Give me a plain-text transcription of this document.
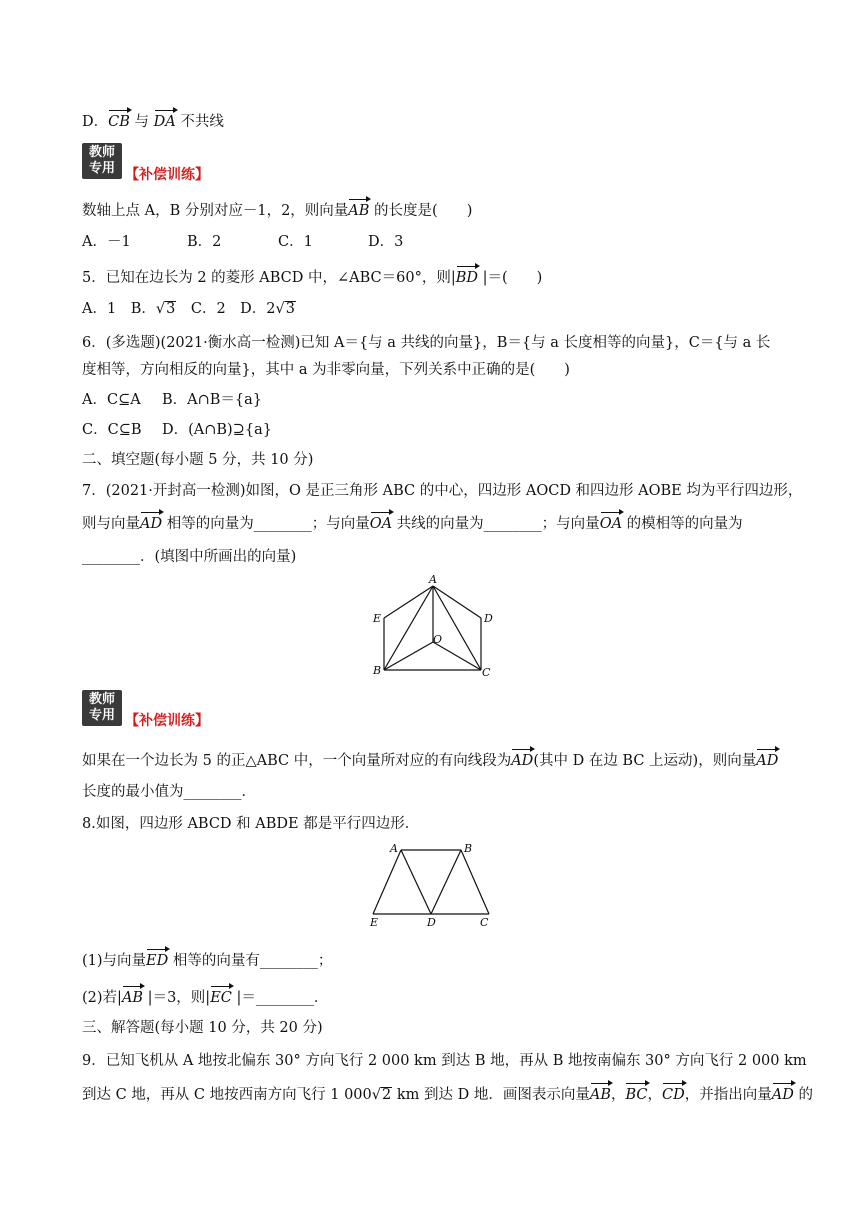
D．CB 与 DA 不共线
教师
专用 【补偿训练】
数轴上点 A，B 分别对应－1，2，则向量AB 的长度是(　　)
A．－1	B．2	C．1	D．3
5．已知在边长为 2 的菱形 ABCD 中，∠ABC＝60°，则|BD |＝(　　)
A．1  B．√3  C．2  D．2√3
6．(多选题)(2021·衡水高一检测)已知 A＝{与 a 共线的向量}，B＝{与 a 长度相等的向量}，C＝{与 a 长
度相等，方向相反的向量}，其中 a 为非零向量，下列关系中正确的是(　　)
A．C⊆A B．A∩B＝{a}
C．C⊆B D．(A∩B)⊇{a}
二、填空题(每小题 5 分，共 10 分)
7．(2021·开封高一检测)如图，O 是正三角形 ABC 的中心，四边形 AOCD 和四边形 AOBE 均为平行四边形，
则与向量AD 相等的向量为________；与向量OA 共线的向量为________；与向量OA 的模相等的向量为
________．(填图中所画出的向量)
A
E	D
O
B	C
教师
专用 【补偿训练】
如果在一个边长为 5 的正△ABC 中，一个向量所对应的有向线段为AD(其中 D 在边 BC 上运动)，则向量AD
长度的最小值为________．
8.如图，四边形 ABCD 和 ABDE 都是平行四边形．
A	B
E	D	C
(1)与向量ED 相等的向量有________；
(2)若|AB |＝3，则|EC |＝________．
三、解答题(每小题 10 分，共 20 分)
9．已知飞机从 A 地按北偏东 30° 方向飞行 2 000 km 到达 B 地，再从 B 地按南偏东 30° 方向飞行 2 000 km
到达 C 地，再从 C 地按西南方向飞行 1 000√2 km 到达 D 地．画图表示向量AB，BC，CD，并指出向量AD 的
